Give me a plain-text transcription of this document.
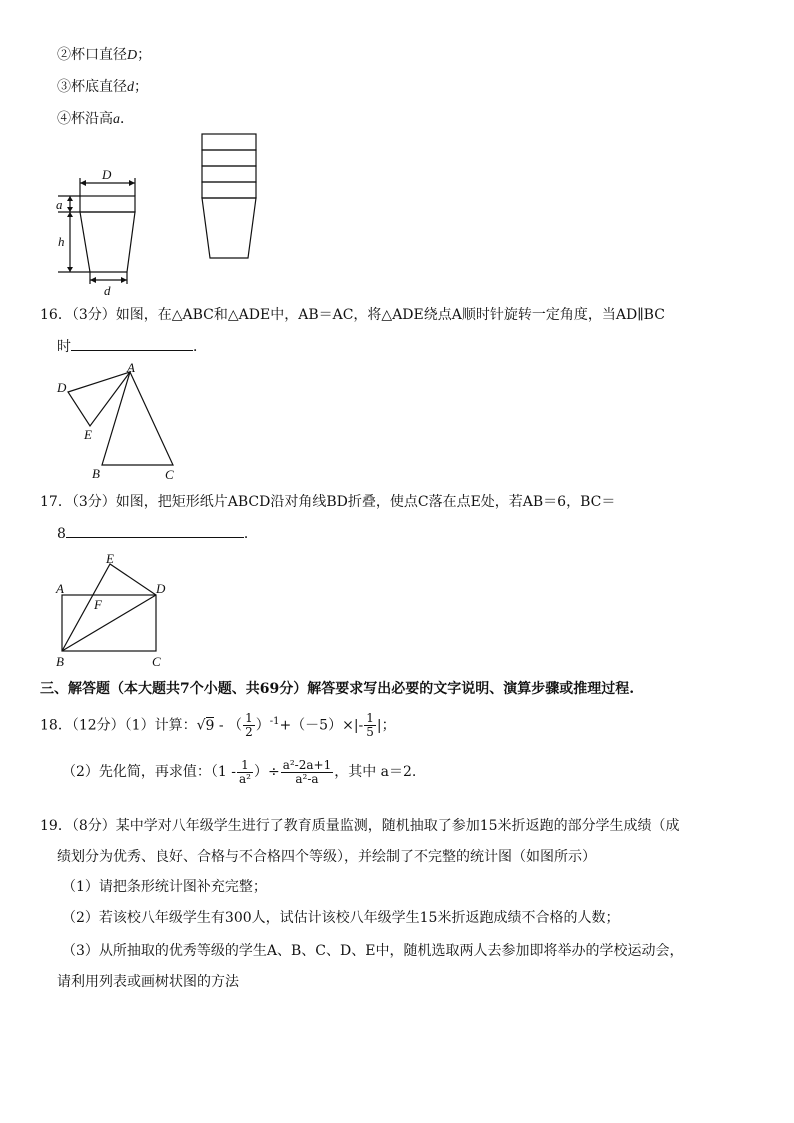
②杯口直径D；
③杯底直径d；
④杯沿高a．
D
a
h
d
16．（3分）如图，在△ABC和△ADE中，AB＝AC，将△ADE绕点A顺时针旋转一定角度，当AD∥BC
时	．
A
B	C
D
E
17．（3分）如图，把矩形纸片ABCD沿对角线BD折叠，使点C落在点E处，若AB＝6，BC＝
8	．
E
A	D
F
B	C
三、解答题（本大题共7个小题、共69分）解答要求写出必要的文字说明、演算步骤或推理过程.
18．（12分）（1）计算：√9 - （ $\frac{1}{2} )^{-1}+(-5)\times|- \frac{1}{5}$ |；
（2）先化简，再求值：（$1 - \frac{1}{\text{a²}}$ ）÷ $\frac{\text{a²-2a+1}}{\text{a²-a}}$ ，其中 a＝2.
19．（8分）某中学对八年级学生进行了教育质量监测，随机抽取了参加15米折返跑的部分学生成绩（成
绩划分为优秀、良好、合格与不合格四个等级），并绘制了不完整的统计图（如图所示）
（1）请把条形统计图补充完整；
（2）若该校八年级学生有300人，试估计该校八年级学生15米折返跑成绩不合格的人数；
（3）从所抽取的优秀等级的学生A、B、C、D、E中，随机选取两人去参加即将举办的学校运动会，
请利用列表或画树状图的方法
